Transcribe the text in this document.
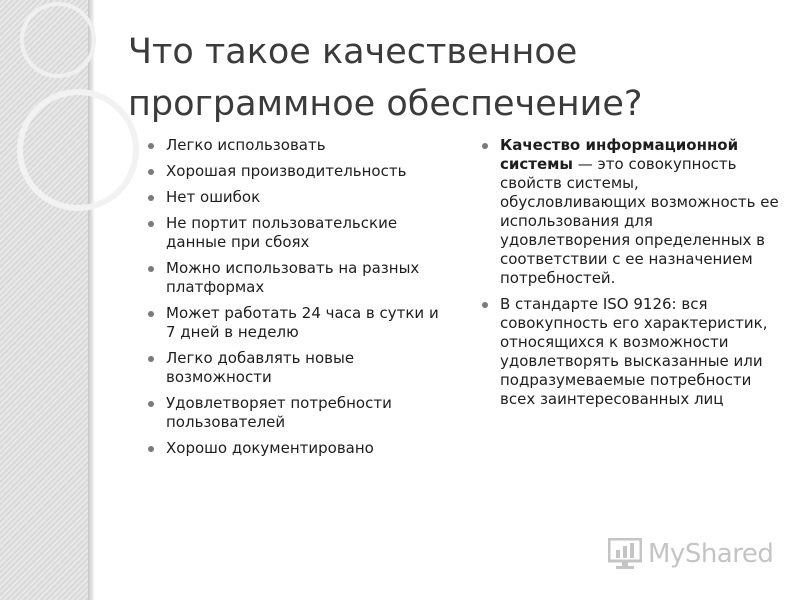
Что такое качественное программное обеспечение?
Легко использовать
Хорошая производительность
Нет ошибок
Не портит пользовательские данные при сбоях
Можно использовать на разных платформах
Может работать 24 часа в сутки и 7 дней в неделю
Легко добавлять новые возможности
Удовлетворяет потребности пользователей
Хорошо документировано
Качество информационной системы — это совокупность свойств системы, обусловливающих возможность ее использования для удовлетворения определенных в соответствии с ее назначением потребностей.
В стандарте ISO 9126: вся совокупность его характеристик, относящихся к возможности удовлетворять высказанные или подразумеваемые потребности всех заинтересованных лиц
MyShared
